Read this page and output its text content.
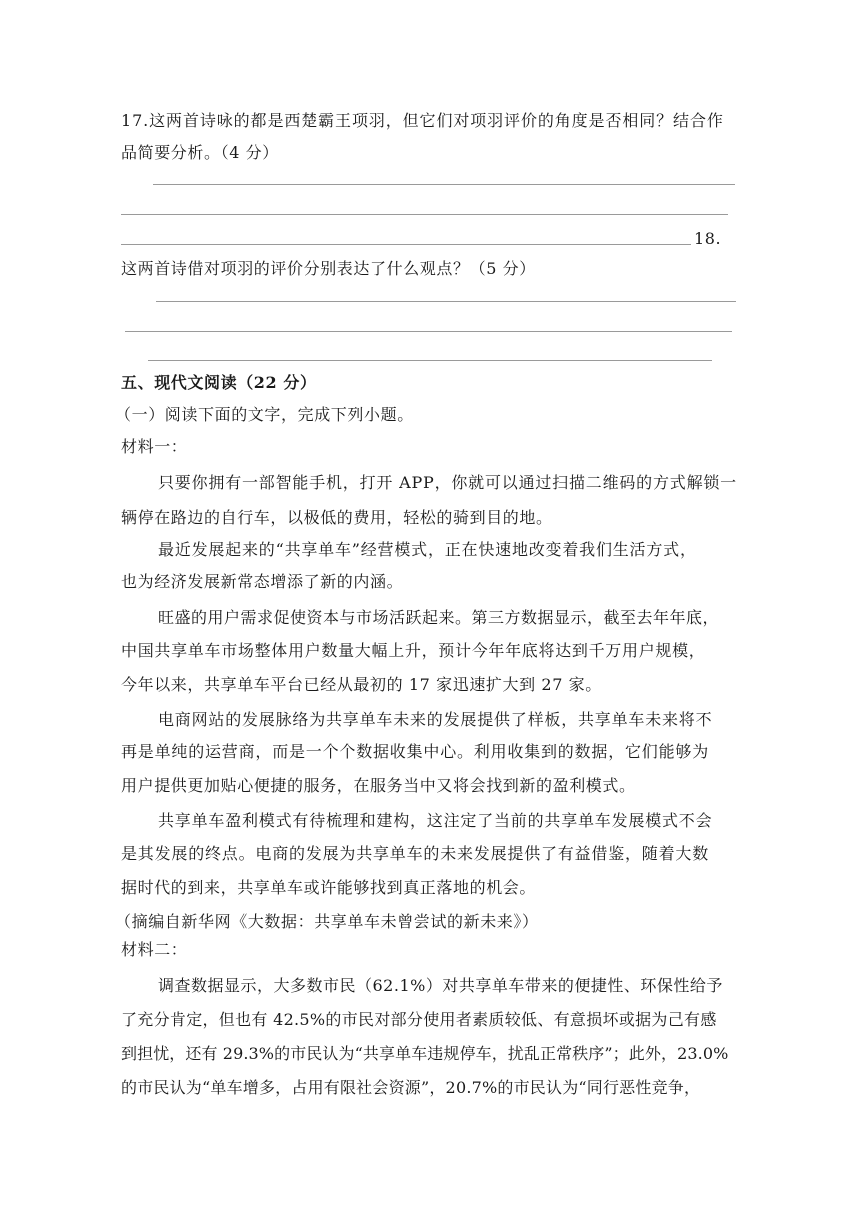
17.这两首诗咏的都是西楚霸王项羽，但它们对项羽评价的角度是否相同？结合作
品简要分析。（4 分）
18.
这两首诗借对项羽的评价分别表达了什么观点？（5 分）
五、现代文阅读（22 分）
（一）阅读下面的文字，完成下列小题。
材料一：
只要你拥有一部智能手机，打开 APP，你就可以通过扫描二维码的方式解锁一
辆停在路边的自行车，以极低的费用，轻松的骑到目的地。
最近发展起来的“共享单车”经营模式，正在快速地改变着我们生活方式，
也为经济发展新常态增添了新的内涵。
旺盛的用户需求促使资本与市场活跃起来。第三方数据显示，截至去年年底，
中国共享单车市场整体用户数量大幅上升，预计今年年底将达到千万用户规模，
今年以来，共享单车平台已经从最初的 17 家迅速扩大到 27 家。
电商网站的发展脉络为共享单车未来的发展提供了样板，共享单车未来将不
再是单纯的运营商，而是一个个数据收集中心。利用收集到的数据，它们能够为
用户提供更加贴心便捷的服务，在服务当中又将会找到新的盈利模式。
共享单车盈利模式有待梳理和建构，这注定了当前的共享单车发展模式不会
是其发展的终点。电商的发展为共享单车的未来发展提供了有益借鉴，随着大数
据时代的到来，共享单车或许能够找到真正落地的机会。
（摘编自新华网《大数据：共享单车未曾尝试的新未来》）
材料二：
调查数据显示，大多数市民（62.1%）对共享单车带来的便捷性、环保性给予
了充分肯定，但也有 42.5%的市民对部分使用者素质较低、有意损坏或据为己有感
到担忧，还有 29.3%的市民认为“共享单车违规停车，扰乱正常秩序”；此外，23.0%
的市民认为“单车增多，占用有限社会资源”，20.7%的市民认为“同行恶性竞争，
